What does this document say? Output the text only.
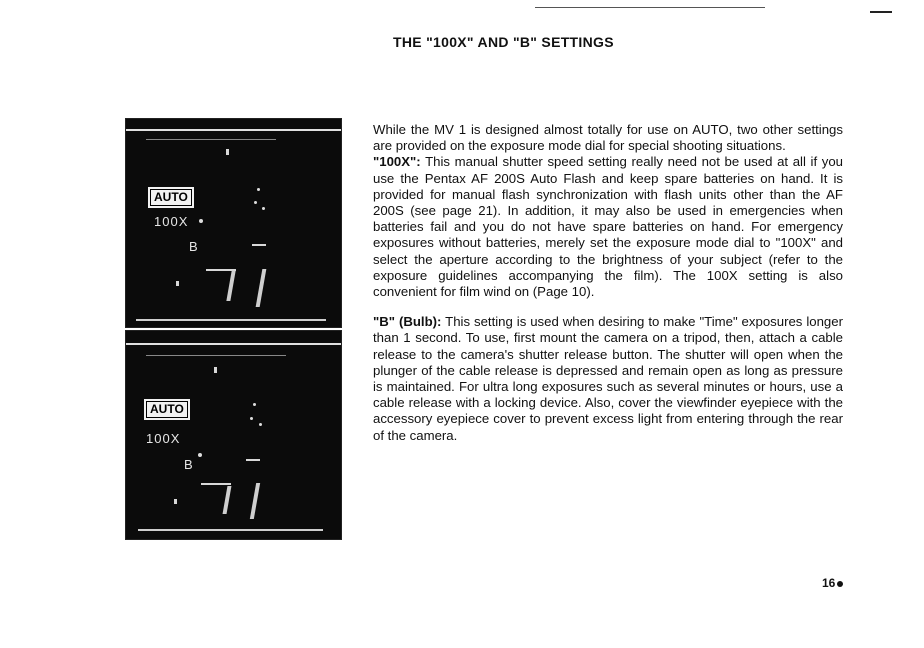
THE "100X" AND "B" SETTINGS
AUTO
100X
B
AUTO
100X
B

While the MV 1 is designed almost totally for use on AUTO, two other settings are provided on the exposure mode dial for special shooting situations.
"100X": This manual shutter speed setting really need not be used at all if you use the Pentax AF 200S Auto Flash and keep spare batteries on hand. It is provided for manual flash synchronization with flash units other than the AF 200S (see page 21). In addition, it may also be used in emergencies when batteries fail and you do not have spare batteries on hand. For emergency exposures without batteries, merely set the exposure mode dial to "100X" and select the aperture according to the brightness of your subject (refer to the exposure guidelines accompanying the film). The 100X setting is also convenient for film wind on (Page 10).

"B" (Bulb): This setting is used when desiring to make "Time" exposures longer than 1 second. To use, first mount the camera on a tripod, then, attach a cable release to the camera's shutter release button. The shutter will open when the plunger of the cable release is depressed and remain open as long as pressure is maintained. For ultra long exposures such as several minutes or hours, use a cable release with a locking device. Also, cover the viewfinder eyepiece with the accessory eyepiece cover to prevent excess light from entering through the rear of the camera.

16
